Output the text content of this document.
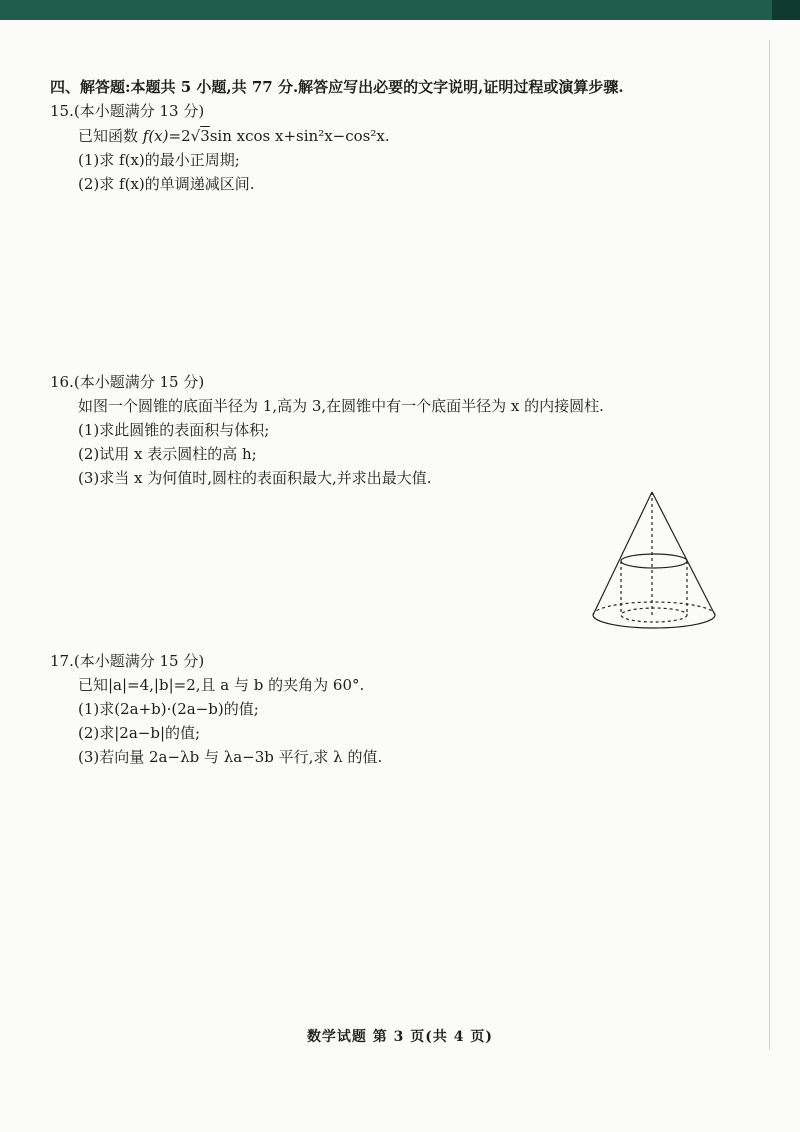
四、解答题:本题共 5 小题,共 77 分.解答应写出必要的文字说明,证明过程或演算步骤.
15.(本小题满分 13 分)
已知函数 f(x)=2√3sin xcos x+sin²x−cos²x.
(1)求 f(x)的最小正周期;
(2)求 f(x)的单调递减区间.
16.(本小题满分 15 分)
如图一个圆锥的底面半径为 1,高为 3,在圆锥中有一个底面半径为 x 的内接圆柱.
(1)求此圆锥的表面积与体积;
(2)试用 x 表示圆柱的高 h;
(3)求当 x 为何值时,圆柱的表面积最大,并求出最大值.
17.(本小题满分 15 分)
已知|a|=4,|b|=2,且 a 与 b 的夹角为 60°.
(1)求(2a+b)·(2a−b)的值;
(2)求|2a−b|的值;
(3)若向量 2a−λb 与 λa−3b 平行,求 λ 的值.
数学试题 第 3 页(共 4 页)
